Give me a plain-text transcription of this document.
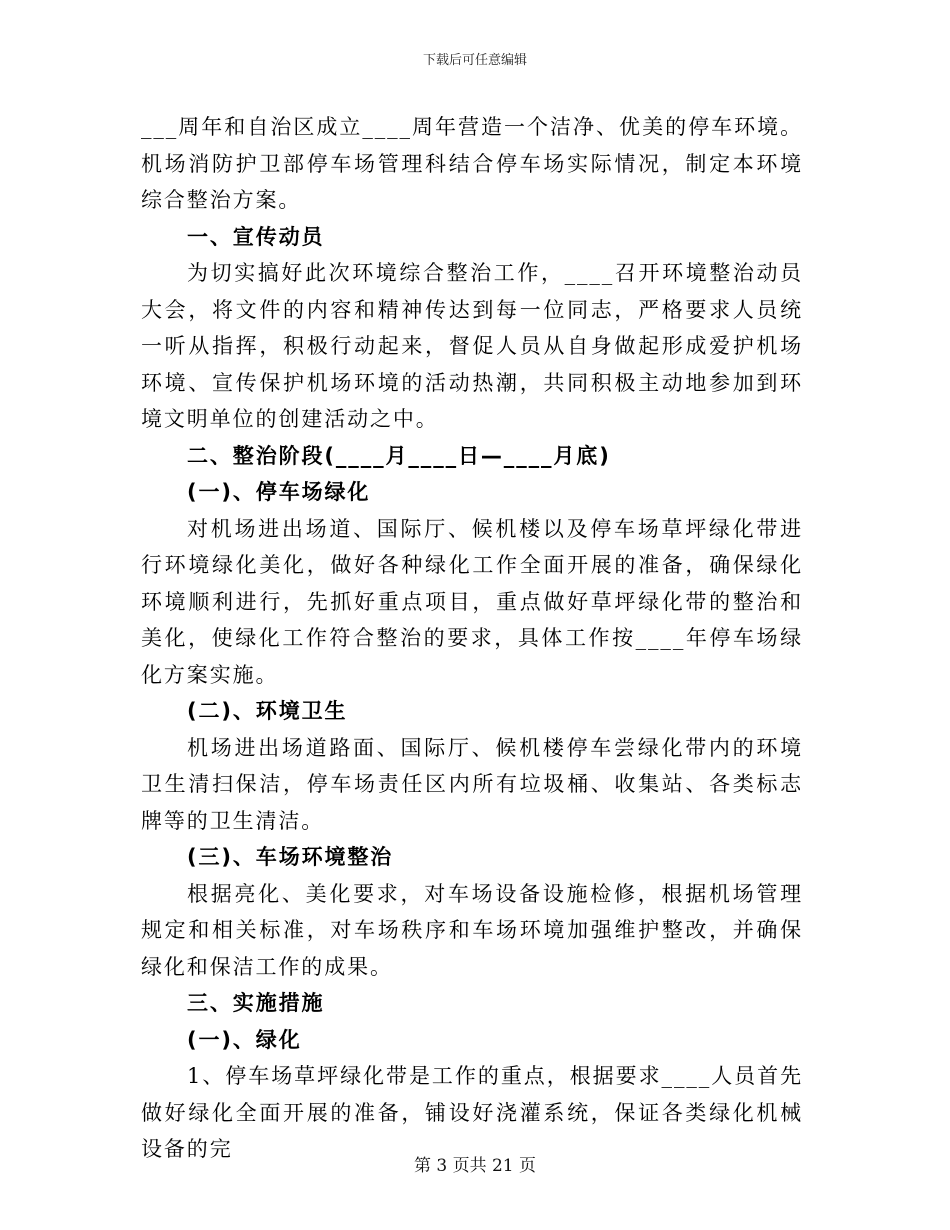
下载后可任意编辑

___周年和自治区成立____周年营造一个洁净、优美的停车环境。机场消防护卫部停车场管理科结合停车场实际情况，制定本环境综合整治方案。

一、宣传动员

为切实搞好此次环境综合整治工作，____召开环境整治动员大会，将文件的内容和精神传达到每一位同志，严格要求人员统一听从指挥，积极行动起来，督促人员从自身做起形成爱护机场环境、宣传保护机场环境的活动热潮，共同积极主动地参加到环境文明单位的创建活动之中。

二、整治阶段(____月____日—____月底)

(一)、停车场绿化

对机场进出场道、国际厅、候机楼以及停车场草坪绿化带进行环境绿化美化，做好各种绿化工作全面开展的准备，确保绿化环境顺利进行，先抓好重点项目，重点做好草坪绿化带的整治和美化，使绿化工作符合整治的要求，具体工作按____年停车场绿化方案实施。

(二)、环境卫生

机场进出场道路面、国际厅、候机楼停车尝绿化带内的环境卫生清扫保洁，停车场责任区内所有垃圾桶、收集站、各类标志牌等的卫生清洁。

(三)、车场环境整治

根据亮化、美化要求，对车场设备设施检修，根据机场管理规定和相关标准，对车场秩序和车场环境加强维护整改，并确保绿化和保洁工作的成果。

三、实施措施

(一)、绿化

1、停车场草坪绿化带是工作的重点，根据要求____人员首先做好绿化全面开展的准备，铺设好浇灌系统，保证各类绿化机械设备的完

第 3 页共 21 页
